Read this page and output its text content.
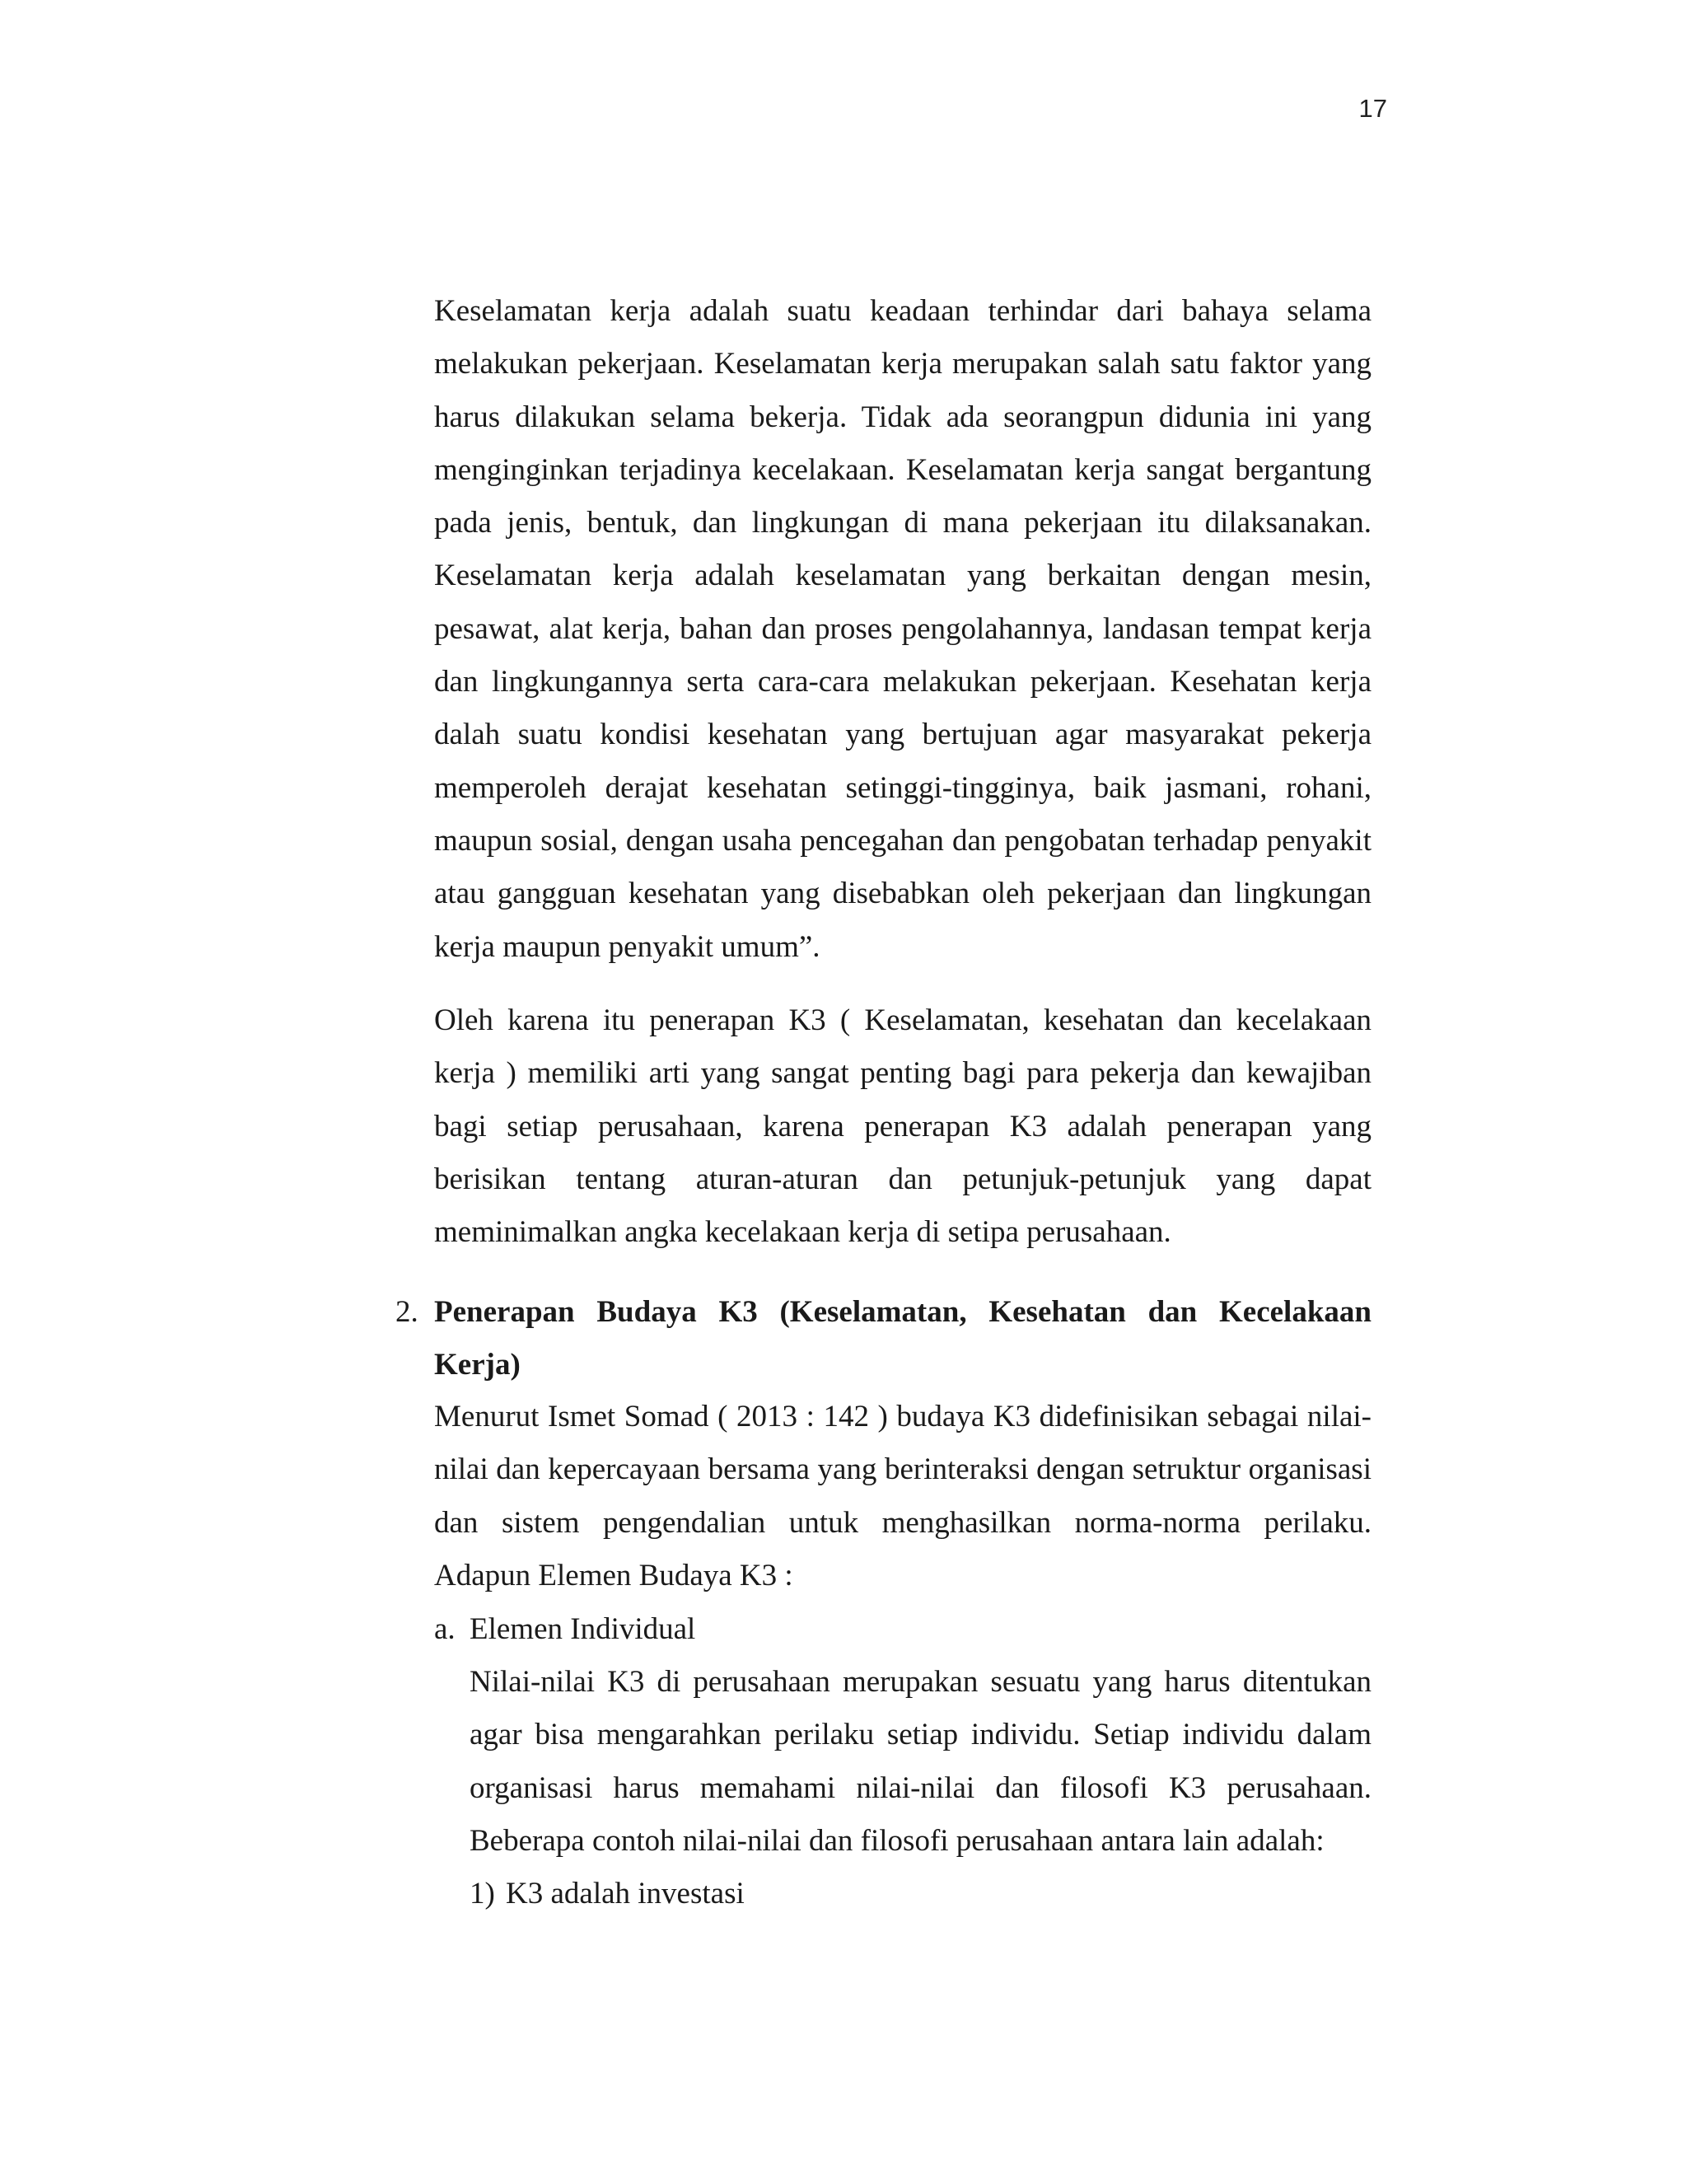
17

Keselamatan kerja adalah suatu keadaan terhindar dari bahaya selama melakukan pekerjaan. Keselamatan kerja merupakan salah satu faktor yang harus dilakukan selama bekerja. Tidak ada seorangpun didunia ini yang menginginkan terjadinya kecelakaan. Keselamatan kerja sangat bergantung pada jenis, bentuk, dan lingkungan di mana pekerjaan itu dilaksanakan. Keselamatan kerja adalah keselamatan yang berkaitan dengan mesin, pesawat, alat kerja, bahan dan proses pengolahannya, landasan tempat kerja dan lingkungannya serta cara-cara melakukan pekerjaan. Kesehatan kerja dalah suatu kondisi kesehatan yang bertujuan agar masyarakat pekerja memperoleh derajat kesehatan setinggi-tingginya, baik jasmani, rohani, maupun sosial, dengan usaha pencegahan dan pengobatan terhadap penyakit atau gangguan kesehatan yang disebabkan oleh pekerjaan dan lingkungan kerja maupun penyakit umum”.

Oleh karena itu penerapan K3 ( Keselamatan, kesehatan dan kecelakaan kerja ) memiliki arti yang sangat penting bagi para pekerja dan kewajiban bagi setiap perusahaan, karena penerapan K3 adalah penerapan yang berisikan tentang aturan-aturan dan petunjuk-petunjuk yang dapat meminimalkan angka kecelakaan kerja di setipa perusahaan.

2. Penerapan Budaya K3 (Keselamatan, Kesehatan dan Kecelakaan Kerja)

Menurut Ismet Somad ( 2013 : 142 ) budaya K3 didefinisikan sebagai nilai-nilai dan kepercayaan bersama yang berinteraksi dengan setruktur organisasi dan sistem pengendalian untuk menghasilkan norma-norma perilaku. Adapun Elemen Budaya K3 :

a. Elemen Individual

Nilai-nilai K3 di perusahaan merupakan sesuatu yang harus ditentukan agar bisa mengarahkan perilaku setiap individu. Setiap individu dalam organisasi harus memahami nilai-nilai dan filosofi K3 perusahaan. Beberapa contoh nilai-nilai dan filosofi perusahaan antara lain adalah:

1) K3 adalah investasi
